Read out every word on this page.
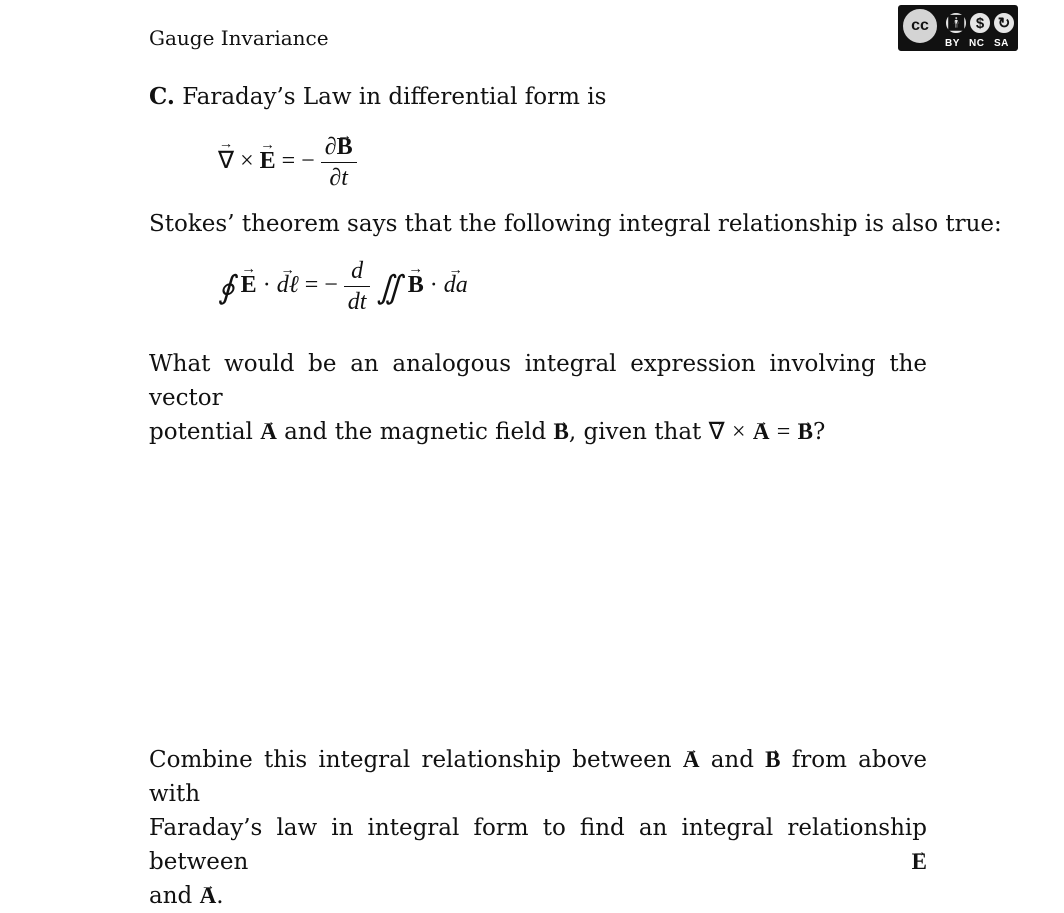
Gauge Invariance
cc	🚹︎ $ ↻
BY NC SA
C. Faraday’s Law in differential form is
→ ∇ × → E = − $\frac{\partial\to B}{\partial t}$
Stokes’ theorem says that the following integral relationship is also true:
∮ → E · → dℓ = − $\frac{d}{dt}$ ∬ → B · → da
What would be an analogous integral expression involving the vector
potential → A and the magnetic field → B, given that → ∇ × → A = → B?
Combine this integral relationship between → A and → B from above with
Faraday’s law in integral form to find an integral relationship between	→ E
and → A.
